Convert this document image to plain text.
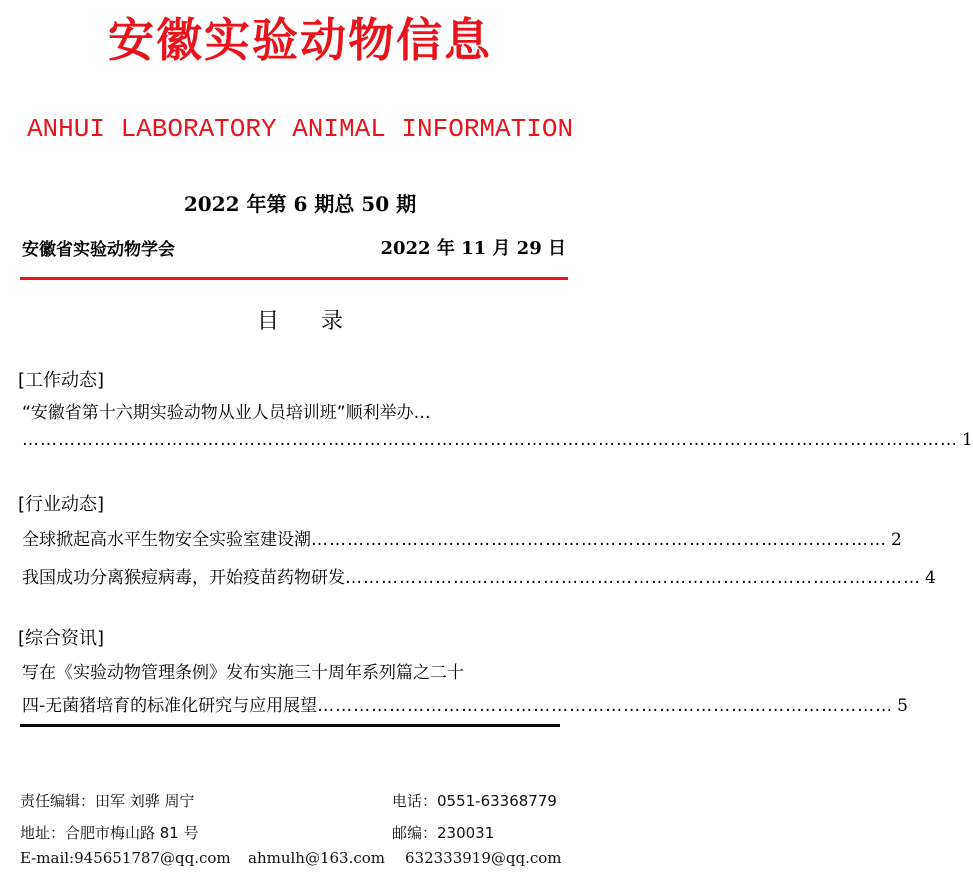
安徽实验动物信息
ANHUI LABORATORY ANIMAL INFORMATION
2022 年第 6 期总 50 期
安徽省实验动物学会	2022 年 11 月 29 日
目录
[工作动态]
“安徽省第十六期实验动物从业人员培训班”顺利举办…
………………………………………………………………………………………………………………………………………… 1
[行业动态]
全球掀起高水平生物安全实验室建设潮 …………………………………………………………………………………… 2
我国成功分离猴痘病毒，开始疫苗药物研发 …………………………………………………………………………………… 4
[综合资讯]
写在《实验动物管理条例》发布实施三十周年系列篇之二十
四-无菌猪培育的标准化研究与应用展望 …………………………………………………………………………………… 5
责任编辑：田军 刘骅 周宁	电话：0551-63368779
地址：合肥市梅山路 81 号	邮编：230031
E-mail:945651787@qq.com ahmulh@163.com 632333919@qq.com
